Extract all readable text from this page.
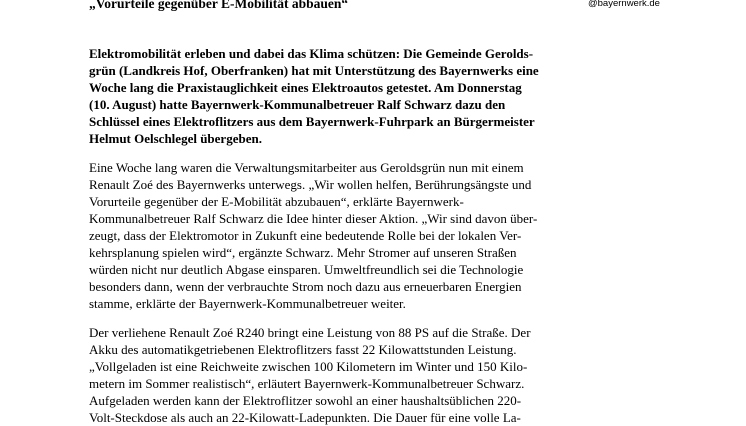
„Vorurteile gegenüber E-Mobilität abbauen“	@bayernwerk.de
Elektromobilität erleben und dabei das Klima schützen: Die Gemeinde Gerolds-
grün (Landkreis Hof, Oberfranken) hat mit Unterstützung des Bayernwerks eine
Woche lang die Praxistauglichkeit eines Elektroautos getestet. Am Donnerstag
(10. August) hatte Bayernwerk-Kommunalbetreuer Ralf Schwarz dazu den
Schlüssel eines Elektroflitzers aus dem Bayernwerk-Fuhrpark an Bürgermeister
Helmut Oelschlegel übergeben.
Eine Woche lang waren die Verwaltungsmitarbeiter aus Geroldsgrün nun mit einem
Renault Zoé des Bayernwerks unterwegs. „Wir wollen helfen, Berührungsängste und
Vorurteile gegenüber der E-Mobilität abzubauen“, erklärte Bayernwerk-
Kommunalbetreuer Ralf Schwarz die Idee hinter dieser Aktion. „Wir sind davon über-
zeugt, dass der Elektromotor in Zukunft eine bedeutende Rolle bei der lokalen Ver-
kehrsplanung spielen wird“, ergänzte Schwarz. Mehr Stromer auf unseren Straßen
würden nicht nur deutlich Abgase einsparen. Umweltfreundlich sei die Technologie
besonders dann, wenn der verbrauchte Strom noch dazu aus erneuerbaren Energien
stamme, erklärte der Bayernwerk-Kommunalbetreuer weiter.
Der verliehene Renault Zoé R240 bringt eine Leistung von 88 PS auf die Straße. Der
Akku des automatikgetriebenen Elektroflitzers fasst 22 Kilowattstunden Leistung.
„Vollgeladen ist eine Reichweite zwischen 100 Kilometern im Winter und 150 Kilo-
metern im Sommer realistisch“, erläutert Bayernwerk-Kommunalbetreuer Schwarz.
Aufgeladen werden kann der Elektroflitzer sowohl an einer haushaltsüblichen 220-
Volt-Steckdose als auch an 22-Kilowatt-Ladepunkten. Die Dauer für eine volle La-
